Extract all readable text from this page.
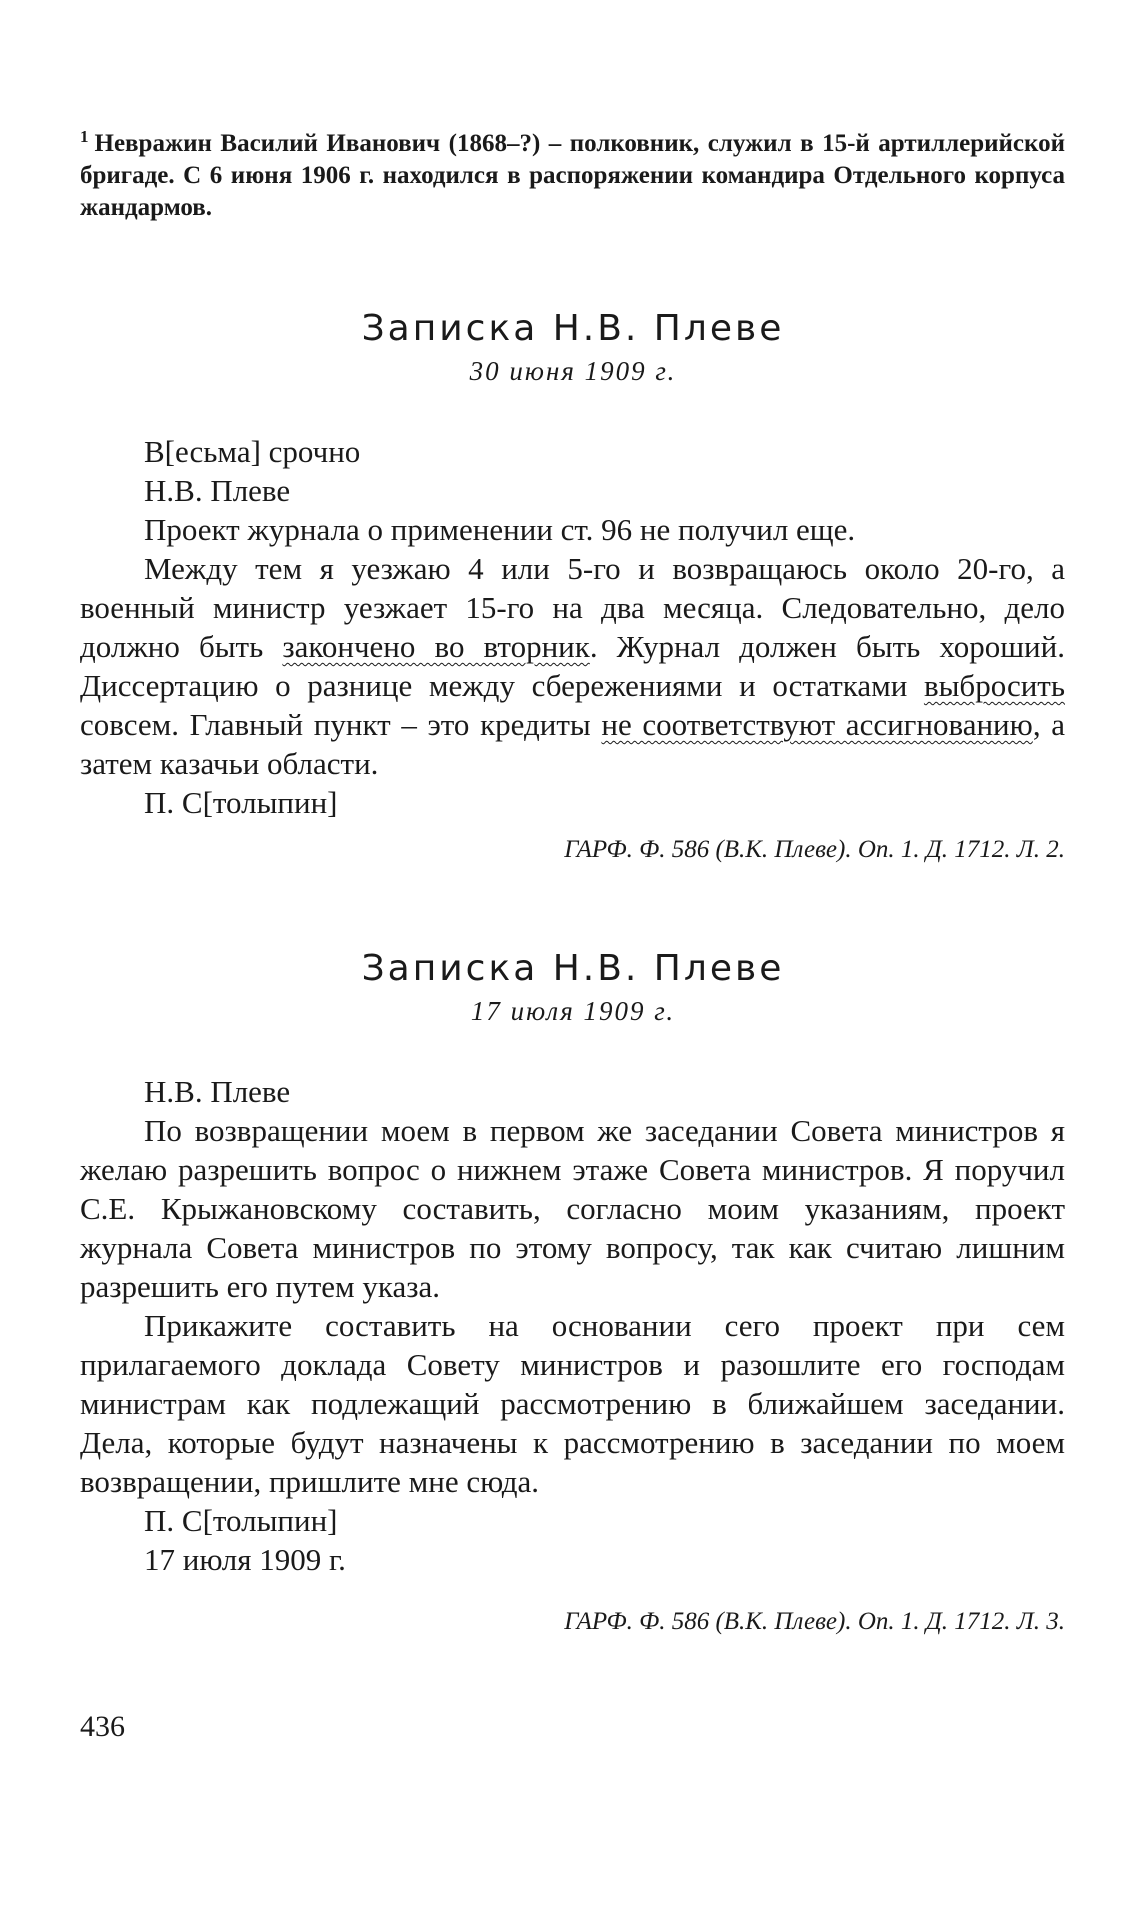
$^1$ Невражин Василий Иванович (1868–?) – полковник, служил в 15-й артиллерийской бригаде. С 6 июня 1906 г. находился в распоряжении командира Отдельного корпуса жандармов.
Записка Н.В. Плеве
30 июня 1909 г.

В[есьма] срочно

Н.В. Плеве

Проект журнала о применении ст. 96 не получил еще.

Между тем я уезжаю 4 или 5-го и возвращаюсь около 20-го, а военный министр уезжает 15-го на два месяца. Следовательно, дело должно быть закончено во вторник. Журнал должен быть хороший. Диссертацию о разнице между сбережениями и остатками выбросить совсем. Главный пункт – это кредиты не соответствуют ассигнованию, а затем казачьи области.

П. С[толыпин]

ГАРФ. Ф. 586 (В.К. Плеве). Оп. 1. Д. 1712. Л. 2.
Записка Н.В. Плеве
17 июля 1909 г.

Н.В. Плеве

По возвращении моем в первом же заседании Совета министров я желаю разрешить вопрос о нижнем этаже Совета министров. Я поручил С.Е. Крыжановскому составить, согласно моим указаниям, проект журнала Совета министров по этому вопросу, так как считаю лишним разрешить его путем указа.

Прикажите составить на основании сего проект при сем прилагаемого доклада Совету министров и разошлите его господам министрам как подлежащий рассмотрению в ближайшем заседании. Дела, которые будут назначены к рассмотрению в заседании по моем возвращении, пришлите мне сюда.

П. С[толыпин]

17 июля 1909 г.

ГАРФ. Ф. 586 (В.К. Плеве). Оп. 1. Д. 1712. Л. 3.
436
